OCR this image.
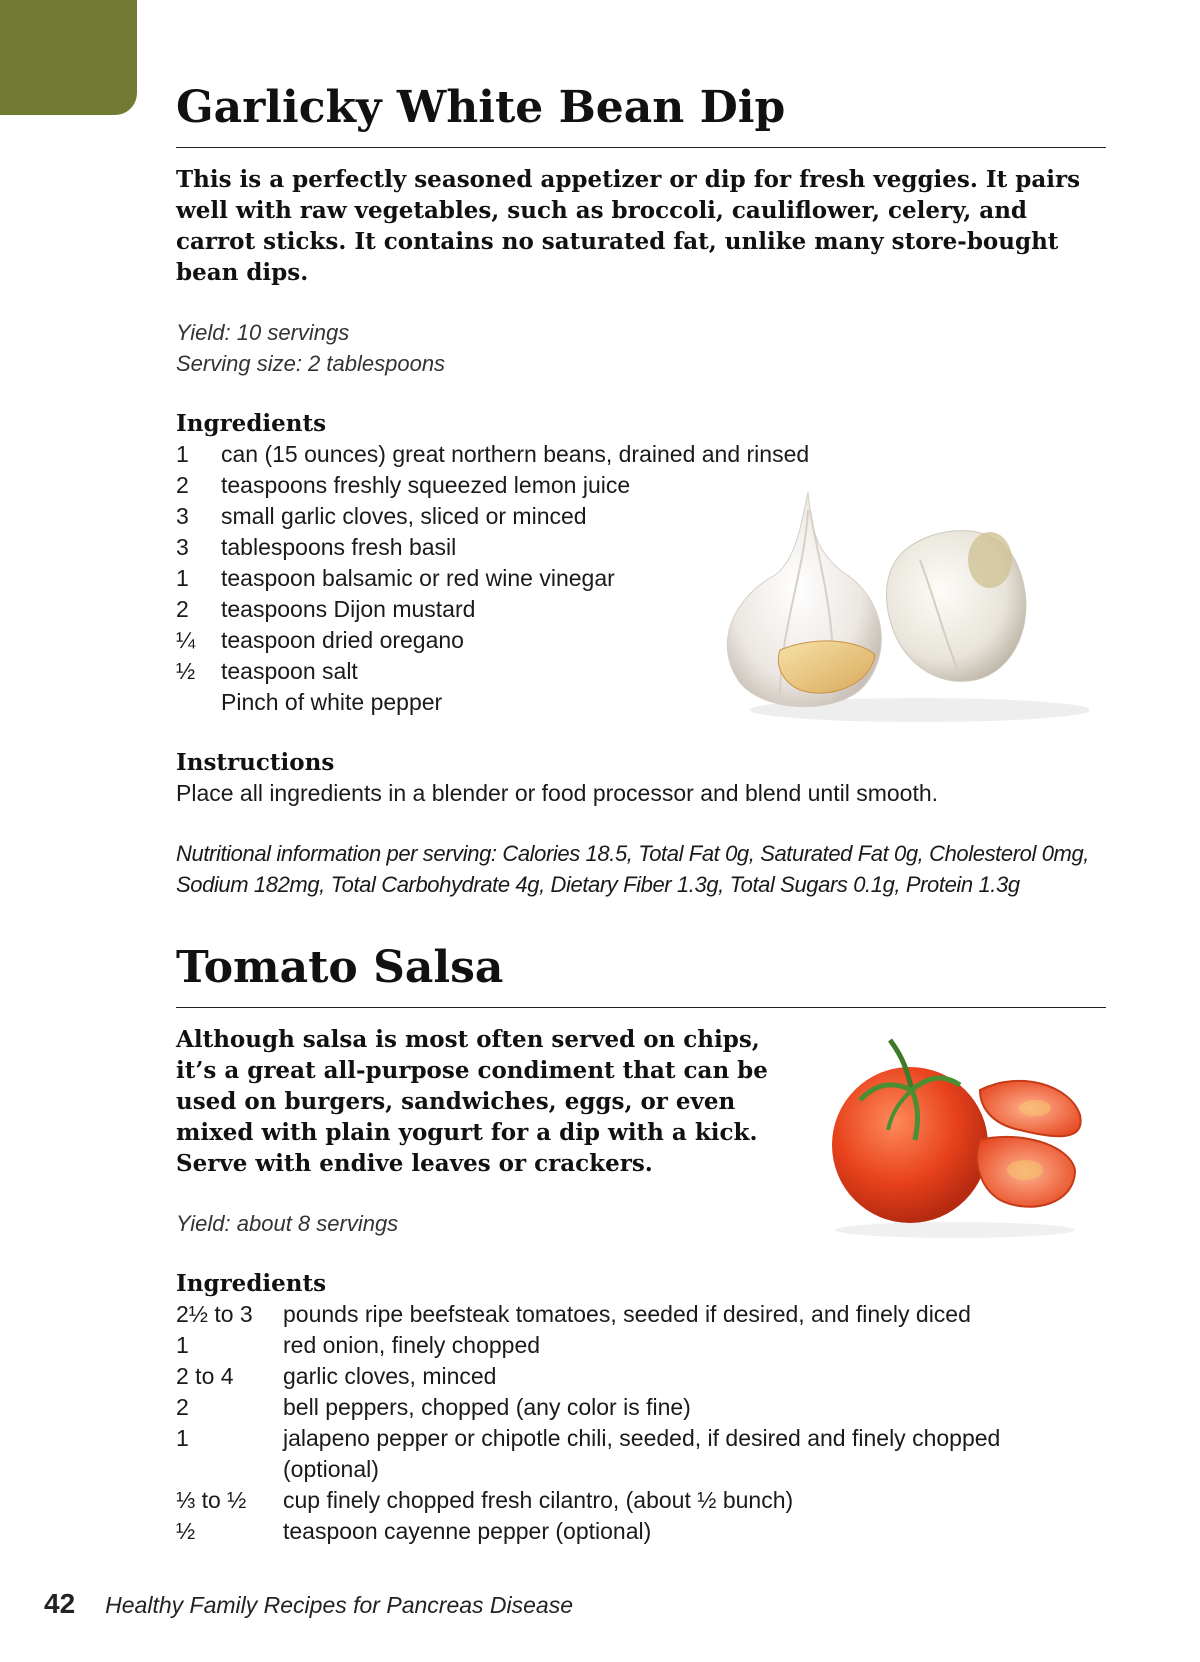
Garlicky White Bean Dip

This is a perfectly seasoned appetizer or dip for fresh veggies. It pairs well with raw vegetables, such as broccoli, cauliflower, celery, and carrot sticks. It contains no saturated fat, unlike many store-bought bean dips.

Yield: 10 servings

Serving size: 2 tablespoons

Ingredients
1	can (15 ounces) great northern beans, drained and rinsed
2	teaspoons freshly squeezed lemon juice
3	small garlic cloves, sliced or minced
3	tablespoons fresh basil
1	teaspoon balsamic or red wine vinegar
2	teaspoons Dijon mustard
¼	teaspoon dried oregano
½	teaspoon salt
Pinch of white pepper
Instructions

Place all ingredients in a blender or food processor and blend until smooth.

Nutritional information per serving: Calories 18.5, Total Fat 0g, Saturated Fat 0g, Cholesterol 0mg, Sodium 182mg, Total Carbohydrate 4g, Dietary Fiber 1.3g, Total Sugars 0.1g, Protein 1.3g

Tomato Salsa

Although salsa is most often served on chips, it’s a great all-purpose condiment that can be used on burgers, sandwiches, eggs, or even mixed with plain yogurt for a dip with a kick. Serve with endive leaves or crackers.

Yield: about 8 servings

Ingredients
2½ to 3	pounds ripe beefsteak tomatoes, seeded if desired, and finely diced
1	red onion, finely chopped
2 to 4	garlic cloves, minced
2	bell peppers, chopped (any color is fine)
1	jalapeno pepper or chipotle chili, seeded, if desired and finely chopped (optional)
⅓ to ½	cup finely chopped fresh cilantro, (about ½ bunch)
½	teaspoon cayenne pepper (optional)
42 Healthy Family Recipes for Pancreas Disease
